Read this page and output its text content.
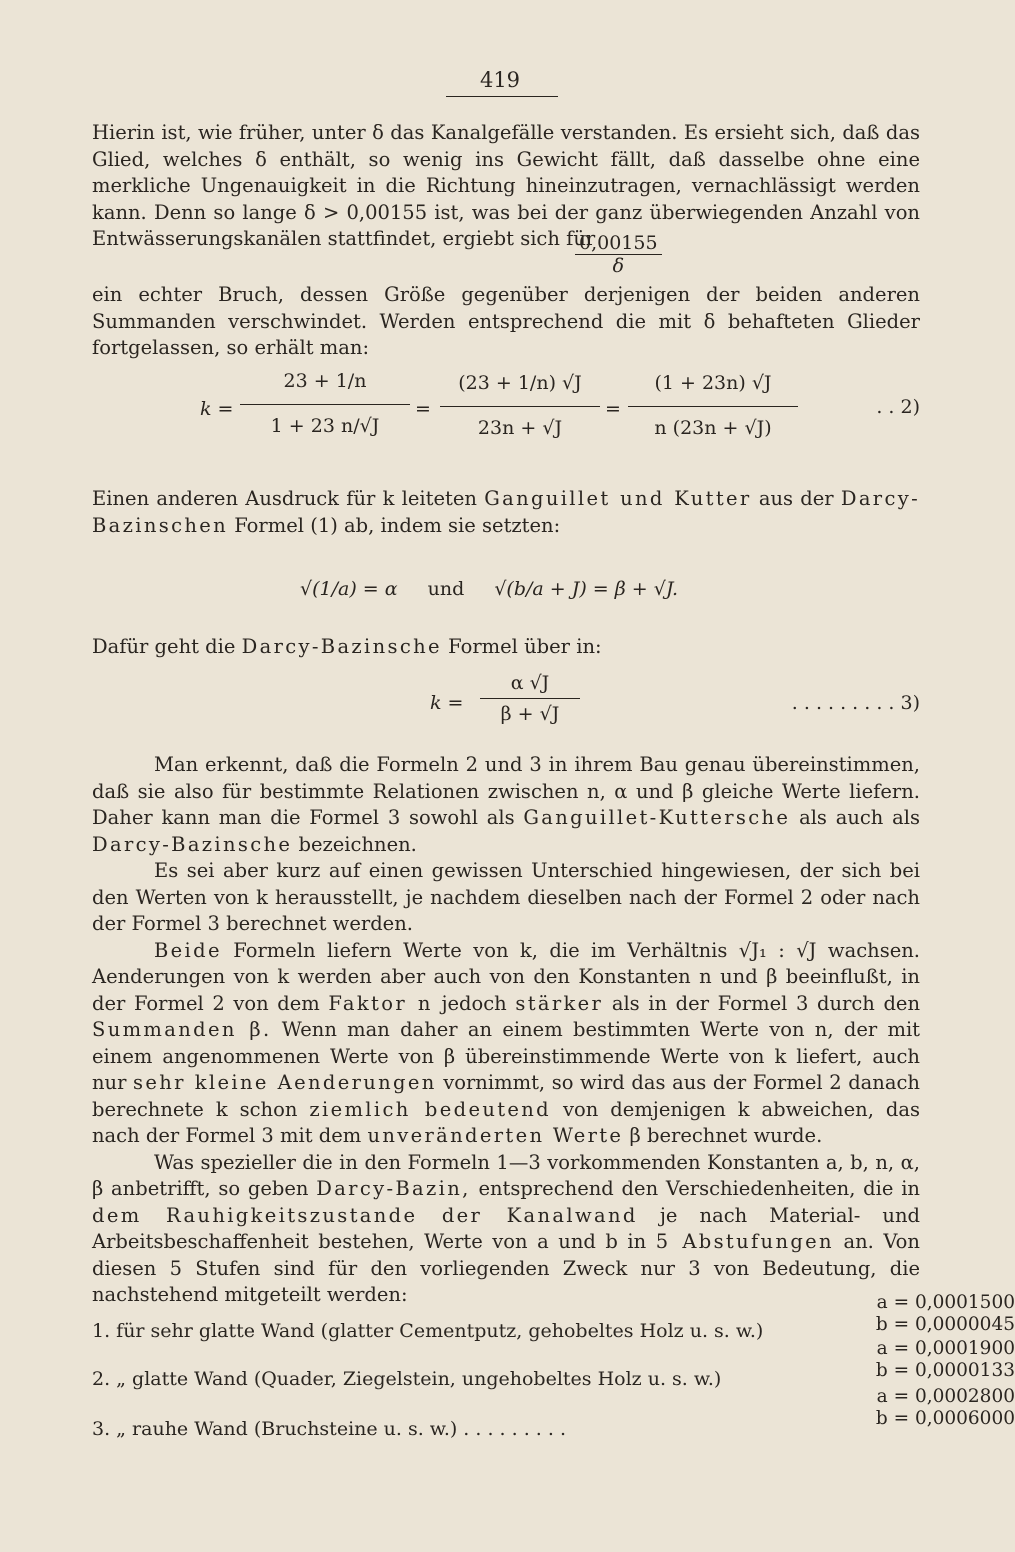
419

Hierin ist, wie früher, unter δ das Kanalgefälle verstanden. Es ersieht sich, daß das Glied, welches δ enthält, so wenig ins Gewicht fällt, daß dasselbe ohne eine merkliche Ungenauigkeit in die Richtung hineinzutragen, vernachlässigt werden kann. Denn so lange δ > 0,00155 ist, was bei der ganz überwiegenden Anzahl von Entwässerungskanälen stattfindet, ergiebt sich für

$\frac{0,00155}{\delta}$

ein echter Bruch, dessen Größe gegenüber derjenigen der beiden anderen Summanden verschwindet. Werden entsprechend die mit δ behafteten Glieder fortgelassen, so erhält man:

$k = \frac{23 + 1/n}{1 + 23 n/√J} = \frac{(23 + 1/n) √J}{23n + √J} = \frac{(1 + 23n) √J}{n (23n + √J)}$	. . 2)

Einen anderen Ausdruck für k leiteten Ganguillet und Kutter aus der Darcy-Bazinschen Formel (1) ab, indem sie setzten:

√(1/a) = α und √(b/a + J) = β + √J.

Dafür geht die Darcy-Bazinsche Formel über in:

$k = \frac{\alpha √J}{\beta + √J}$	. . . . . . . . . 3)

Man erkennt, daß die Formeln 2 und 3 in ihrem Bau genau übereinstimmen, daß sie also für bestimmte Relationen zwischen n, α und β gleiche Werte liefern. Daher kann man die Formel 3 sowohl als Ganguillet-Kuttersche als auch als Darcy-Bazinsche bezeichnen.

Es sei aber kurz auf einen gewissen Unterschied hingewiesen, der sich bei den Werten von k herausstellt, je nachdem dieselben nach der Formel 2 oder nach der Formel 3 berechnet werden.

Beide Formeln liefern Werte von k, die im Verhältnis √J₁ : √J wachsen. Aenderungen von k werden aber auch von den Konstanten n und β beeinflußt, in der Formel 2 von dem Faktor n jedoch stärker als in der Formel 3 durch den Summanden β. Wenn man daher an einem bestimmten Werte von n, der mit einem angenommenen Werte von β übereinstimmende Werte von k liefert, auch nur sehr kleine Aenderungen vornimmt, so wird das aus der Formel 2 danach berechnete k schon ziemlich bedeutend von demjenigen k abweichen, das nach der Formel 3 mit dem unveränderten Werte β berechnet wurde.

Was spezieller die in den Formeln 1—3 vorkommenden Konstanten a, b, n, α, β anbetrifft, so geben Darcy-Bazin, entsprechend den Verschiedenheiten, die in dem Rauhigkeitszustande der Kanalwand je nach Material- und Arbeitsbeschaffenheit bestehen, Werte von a und b in 5 Abstufungen an. Von diesen 5 Stufen sind für den vorliegenden Zweck nur 3 von Bedeutung, die nachstehend mitgeteilt werden:

1. für sehr glatte Wand (glatter Cementputz, gehobeltes Holz u. s. w.)
a = 0,0001500
b = 0,0000045
2. „ glatte Wand (Quader, Ziegelstein, ungehobeltes Holz u. s. w.)
a = 0,0001900
b = 0,0000133
3. „ rauhe Wand (Bruchsteine u. s. w.) . . . . . . . . .
a = 0,0002800
b = 0,0006000
